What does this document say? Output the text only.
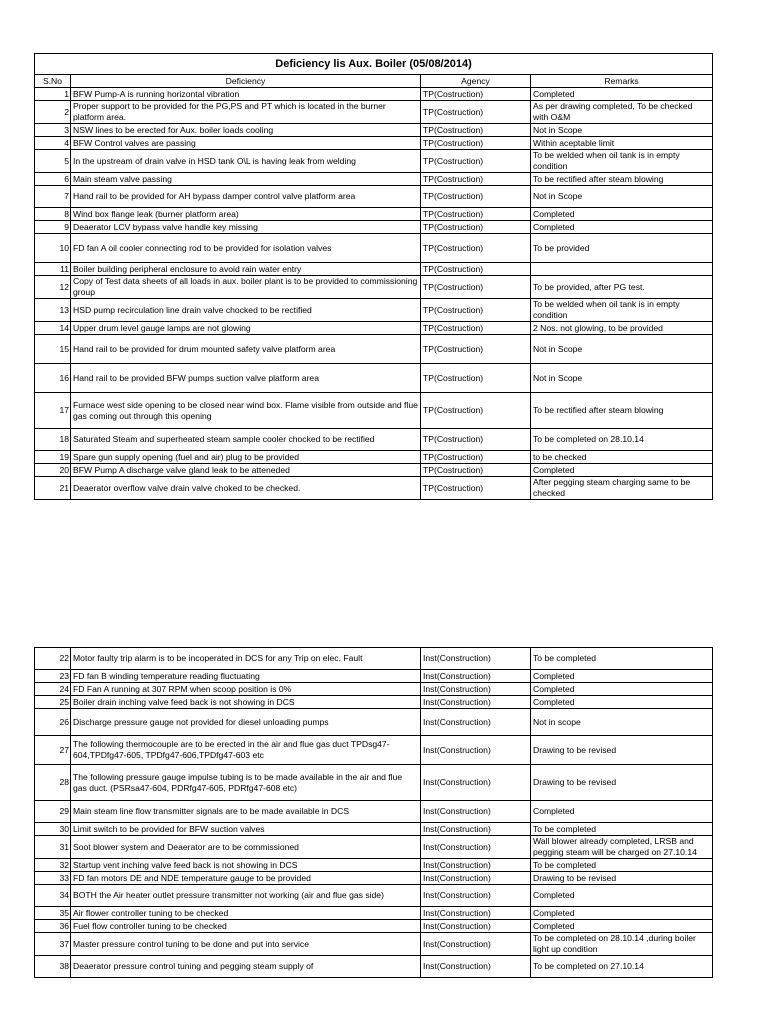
Deficiency lis Aux. Boiler (05/08/2014)			
S.No	Deficiency	Agency	Remarks
1	BFW Pump-A is running horizontal vibration	TP(Costruction)	Completed
2	Proper support to be provided for the PG,PS and PT which is located in the burner platform area.	TP(Costruction)	As per drawing completed, To be checked with O&M
3	NSW lines to be erected for Aux. boiler loads cooling	TP(Costruction)	Not in Scope
4	BFW Control valves are passing	TP(Costruction)	Within aceptable limit
5	In the upstream of drain valve in HSD tank O\L is having leak from welding	TP(Costruction)	To be welded when oil tank is in empty condition
6	Main steam valve passing	TP(Costruction)	To be rectified after steam blowing
7	Hand rail to be provided for AH bypass damper control valve platform area	TP(Costruction)	Not in Scope
8	Wind box flange leak (burner platform area)	TP(Costruction)	Completed
9	Deaerator LCV bypass valve handle key missing	TP(Costruction)	Completed
10	FD fan A oil cooler connecting rod to be provided for isolation valves	TP(Costruction)	To be provided
11	Boiler building peripheral enclosure to avoid rain water entry	TP(Costruction)	
12	Copy of Test data sheets of all loads in aux. boiler plant is to be provided to commissioning group	TP(Costruction)	To be provided, after PG test.
13	HSD pump recirculation line drain valve chocked to be rectified	TP(Costruction)	To be welded when oil tank is in empty condition
14	Upper drum level gauge lamps are not glowing	TP(Costruction)	2 Nos. not glowing, to be provided
15	Hand rail to be provided for drum mounted safety valve platform area	TP(Costruction)	Not in Scope
16	Hand rail to be provided BFW pumps suction valve platform area	TP(Costruction)	Not in Scope
17	Furnace west side opening to be closed near wind box. Flame visible from outside and flue gas coming out through this opening	TP(Costruction)	To be rectified after steam blowing
18	Saturated Steam and superheated steam sample cooler chocked to be rectified	TP(Costruction)	To be completed on 28.10.14
19	Spare gun supply opening (fuel and air) plug to be provided	TP(Costruction)	to be checked
20	BFW Pump A discharge valve gland leak to be atteneded	TP(Costruction)	Completed
21	Deaerator overflow valve drain valve choked to be checked.	TP(Costruction)	After pegging steam charging same to be checked
22	Motor faulty trip alarm is to be incoperated in DCS for any Trip on elec. Fault	Inst(Construction)	To be completed
23	FD fan B winding temperature reading fluctuating	Inst(Construction)	Completed
24	FD Fan A running at 307 RPM when scoop position is 0%	Inst(Construction)	Completed
25	Boiler drain inching valve feed back is not showing in DCS	Inst(Construction)	Completed
26	Discharge pressure gauge not provided for diesel unloading pumps	Inst(Construction)	Not in scope
27	The following thermocouple are to be erected in the air and flue gas duct TPDsg47-604,TPDfg47-605, TPDfg47-606,TPDfg47-603 etc	Inst(Construction)	Drawing to be revised
28	The following pressure gauge impulse tubing is to be made available in the air and flue gas duct. (PSRsa47-604, PDRfg47-605, PDRfg47-608 etc)	Inst(Construction)	Drawing to be revised
29	Main steam line flow transmitter signals are to be made available in DCS	Inst(Construction)	Completed
30	Limit switch to be provided for BFW suction valves	Inst(Construction)	To be completed
31	Soot blower system and Deaerator are to be commissioned	Inst(Construction)	Wall blower already completed, LRSB and pegging steam will be charged on 27.10.14
32	Startup vent inching valve feed back is not showing in DCS	Inst(Construction)	To be completed
33	FD fan motors DE and NDE temperature gauge to be provided	Inst(Construction)	Drawing to be revised
34	BOTH the Air heater outlet pressure transmitter not working (air and flue gas side)	Inst(Construction)	Completed
35	Air flower controller tuning to be checked	Inst(Construction)	Completed
36	Fuel flow controller tuning to be checked	Inst(Construction)	Completed
37	Master pressure control tuning to be done and put into service	Inst(Construction)	To be completed on 28.10.14 ,during boiler light up condition
38	Deaerator pressure control tuning and pegging steam supply of	Inst(Construction)	To be completed on 27.10.14
